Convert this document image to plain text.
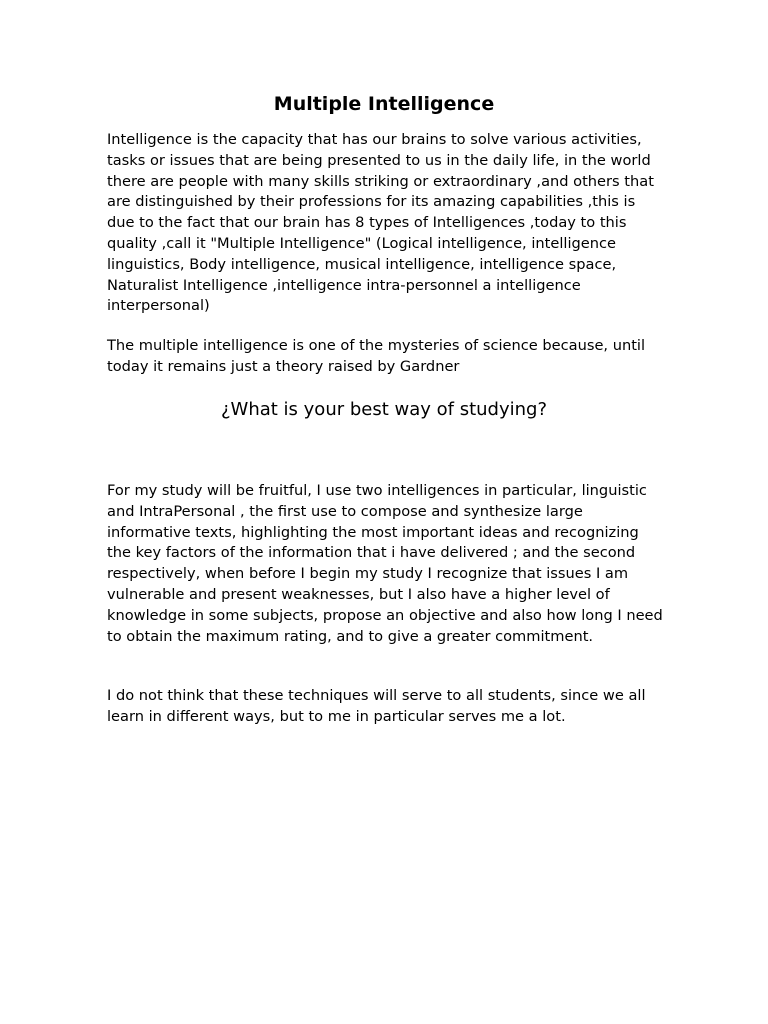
Multiple Intelligence

Intelligence is the capacity that has our brains to solve various activities, tasks or issues that are being presented to us in the daily life, in the world there are people with many skills striking or extraordinary ,and others that are distinguished by their professions for its amazing capabilities ,this is due to the fact that our brain has 8 types of Intelligences ,today to this quality ,call it "Multiple Intelligence" (Logical intelligence, intelligence linguistics, Body intelligence, musical intelligence, intelligence space, Naturalist Intelligence ,intelligence intra-personnel a intelligence interpersonal)

The multiple intelligence is one of the mysteries of science because, until today it remains just a theory raised by Gardner

¿What is your best way of studying?

For my study will be fruitful, I use two intelligences in particular, linguistic and IntraPersonal , the first use to compose and synthesize large informative texts, highlighting the most important ideas and recognizing the key factors of the information that i have delivered ; and the second respectively, when before I begin my study I recognize that issues I am vulnerable and present weaknesses, but I also have a higher level of knowledge in some subjects, propose an objective and also how long I need to obtain the maximum rating, and to give a greater commitment.

I do not think that these techniques will serve to all students, since we all learn in different ways, but to me in particular serves me a lot.
